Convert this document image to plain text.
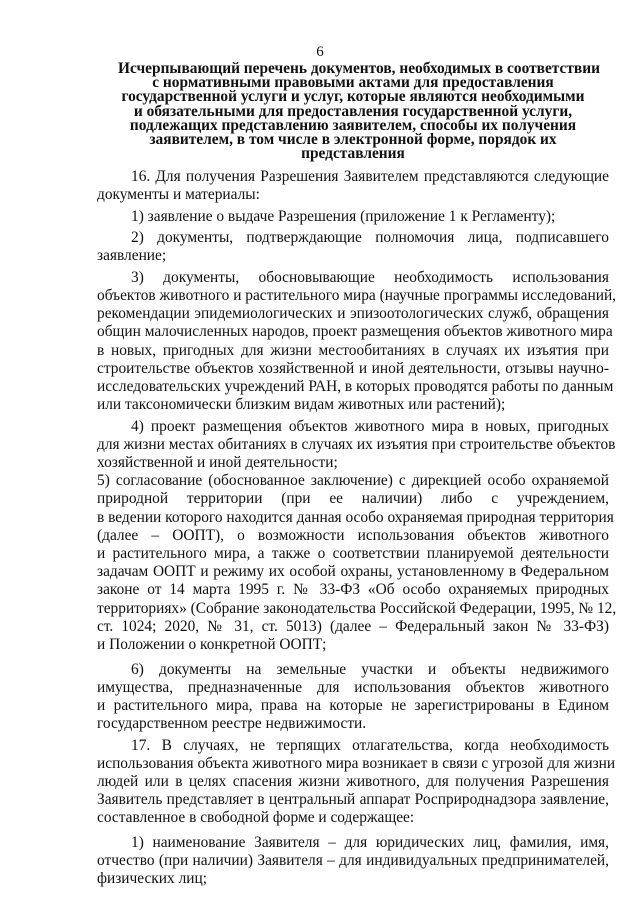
6
Исчерпывающий перечень документов, необходимых в соответствии
с нормативными правовыми актами для предоставления
государственной услуги и услуг, которые являются необходимыми
и обязательными для предоставления государственной услуги,
подлежащих представлению заявителем, способы их получения
заявителем, в том числе в электронной форме, порядок их
представления
16. Для получения Разрешения Заявителем представляются следующие
документы и материалы:
1) заявление о выдаче Разрешения (приложение 1 к Регламенту);
2) документы, подтверждающие полномочия лица, подписавшего
заявление;
3) документы, обосновывающие необходимость использования
объектов животного и растительного мира (научные программы исследований,
рекомендации эпидемиологических и эпизоотологических служб, обращения
общин малочисленных народов, проект размещения объектов животного мира
в новых, пригодных для жизни местообитаниях в случаях их изъятия при
строительстве объектов хозяйственной и иной деятельности, отзывы научно-
исследовательских учреждений РАН, в которых проводятся работы по данным
или таксономически близким видам животных или растений);
4) проект размещения объектов животного мира в новых, пригодных
для жизни местах обитаниях в случаях их изъятия при строительстве объектов
хозяйственной и иной деятельности;
5) согласование (обоснованное заключение) с дирекцией особо охраняемой
природной территории (при ее наличии) либо с учреждением,
в ведении которого находится данная особо охраняемая природная территория
(далее – ООПТ), о возможности использования объектов животного
и растительного мира, а также о соответствии планируемой деятельности
задачам ООПТ и режиму их особой охраны, установленному в Федеральном
законе от 14 марта 1995 г. № 33-ФЗ «Об особо охраняемых природных
территориях» (Собрание законодательства Российской Федерации, 1995, № 12,
ст. 1024; 2020, № 31, ст. 5013) (далее – Федеральный закон № 33-ФЗ)
и Положении о конкретной ООПТ;
6) документы на земельные участки и объекты недвижимого
имущества, предназначенные для использования объектов животного
и растительного мира, права на которые не зарегистрированы в Едином
государственном реестре недвижимости.
17. В случаях, не терпящих отлагательства, когда необходимость
использования объекта животного мира возникает в связи с угрозой для жизни
людей или в целях спасения жизни животного, для получения Разрешения
Заявитель представляет в центральный аппарат Росприроднадзора заявление,
составленное в свободной форме и содержащее:
1) наименование Заявителя – для юридических лиц, фамилия, имя,
отчество (при наличии) Заявителя – для индивидуальных предпринимателей,
физических лиц;
